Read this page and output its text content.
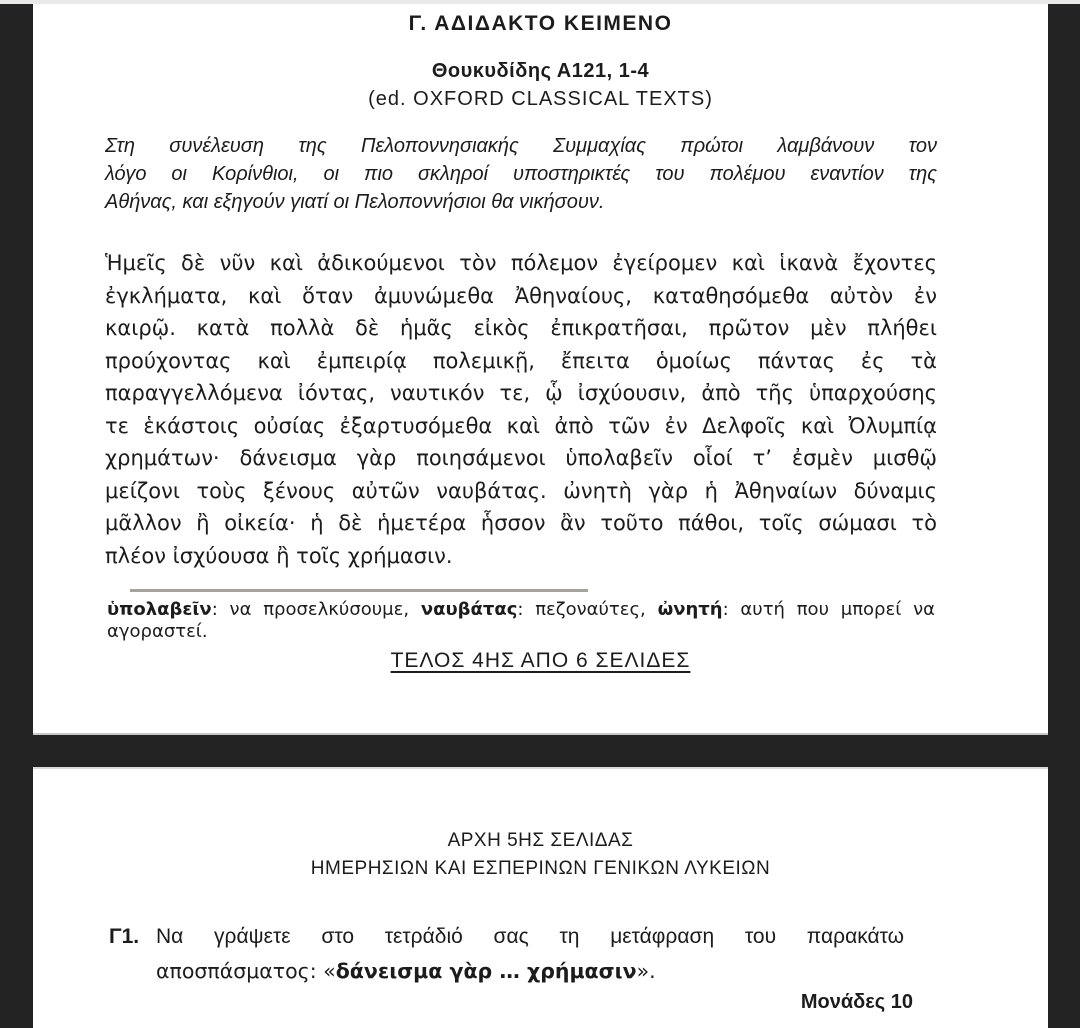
Γ. ΑΔΙΔΑΚΤΟ ΚΕΙΜΕΝΟ
Θουκυδίδης Α121, 1-4
(ed. OXFORD CLASSICAL TEXTS)
Στη συνέλευση της Πελοποννησιακής Συμμαχίας πρώτοι λαμβάνουν τον
λόγο οι Κορίνθιοι, οι πιο σκληροί υποστηρικτές του πολέμου εναντίον της
Αθήνας, και εξηγούν γιατί οι Πελοποννήσιοι θα νικήσουν.
Ἡμεῖς δὲ νῦν καὶ ἀδικούμενοι τὸν πόλεμον ἐγείρομεν καὶ ἱκανὰ ἔχοντες
ἐγκλήματα, καὶ ὅταν ἀμυνώμεθα Ἀθηναίους, καταθησόμεθα αὐτὸν ἐν
καιρῷ. κατὰ πολλὰ δὲ ἡμᾶς εἰκὸς ἐπικρατῆσαι, πρῶτον μὲν πλήθει
προύχοντας καὶ ἐμπειρίᾳ πολεμικῇ, ἔπειτα ὁμοίως πάντας ἐς τὰ
παραγγελλόμενα ἰόντας, ναυτικόν τε, ᾧ ἰσχύουσιν, ἀπὸ τῆς ὑπαρχούσης
τε ἑκάστοις οὐσίας ἐξαρτυσόμεθα καὶ ἀπὸ τῶν ἐν Δελφοῖς καὶ Ὀλυμπίᾳ
χρημάτων· δάνεισμα γὰρ ποιησάμενοι ὑπολαβεῖν οἷοί τ’ ἐσμὲν μισθῷ
μείζονι τοὺς ξένους αὐτῶν ναυβάτας. ὠνητὴ γὰρ ἡ Ἀθηναίων δύναμις
μᾶλλον ἢ οἰκεία· ἡ δὲ ἡμετέρα ἧσσον ἂν τοῦτο πάθοι, τοῖς σώμασι τὸ
πλέον ἰσχύουσα ἢ τοῖς χρήμασιν.
ὑπολαβεῖν: να προσελκύσουμε, ναυβάτας: πεζοναύτες, ὠνητή: αυτή που μπορεί να
αγοραστεί.
ΤΕΛΟΣ 4ΗΣ ΑΠΟ 6 ΣΕΛΙΔΕΣ
ΑΡΧΗ 5ΗΣ ΣΕΛΙΔΑΣ
ΗΜΕΡΗΣΙΩΝ ΚΑΙ ΕΣΠΕΡΙΝΩΝ ΓΕΝΙΚΩΝ ΛΥΚΕΙΩΝ
Γ1. Να γράψετε στο τετράδιό σας τη μετάφραση του παρακάτω
αποσπάσματος: «δάνεισμα γὰρ … χρήμασιν».
Μονάδες 10
